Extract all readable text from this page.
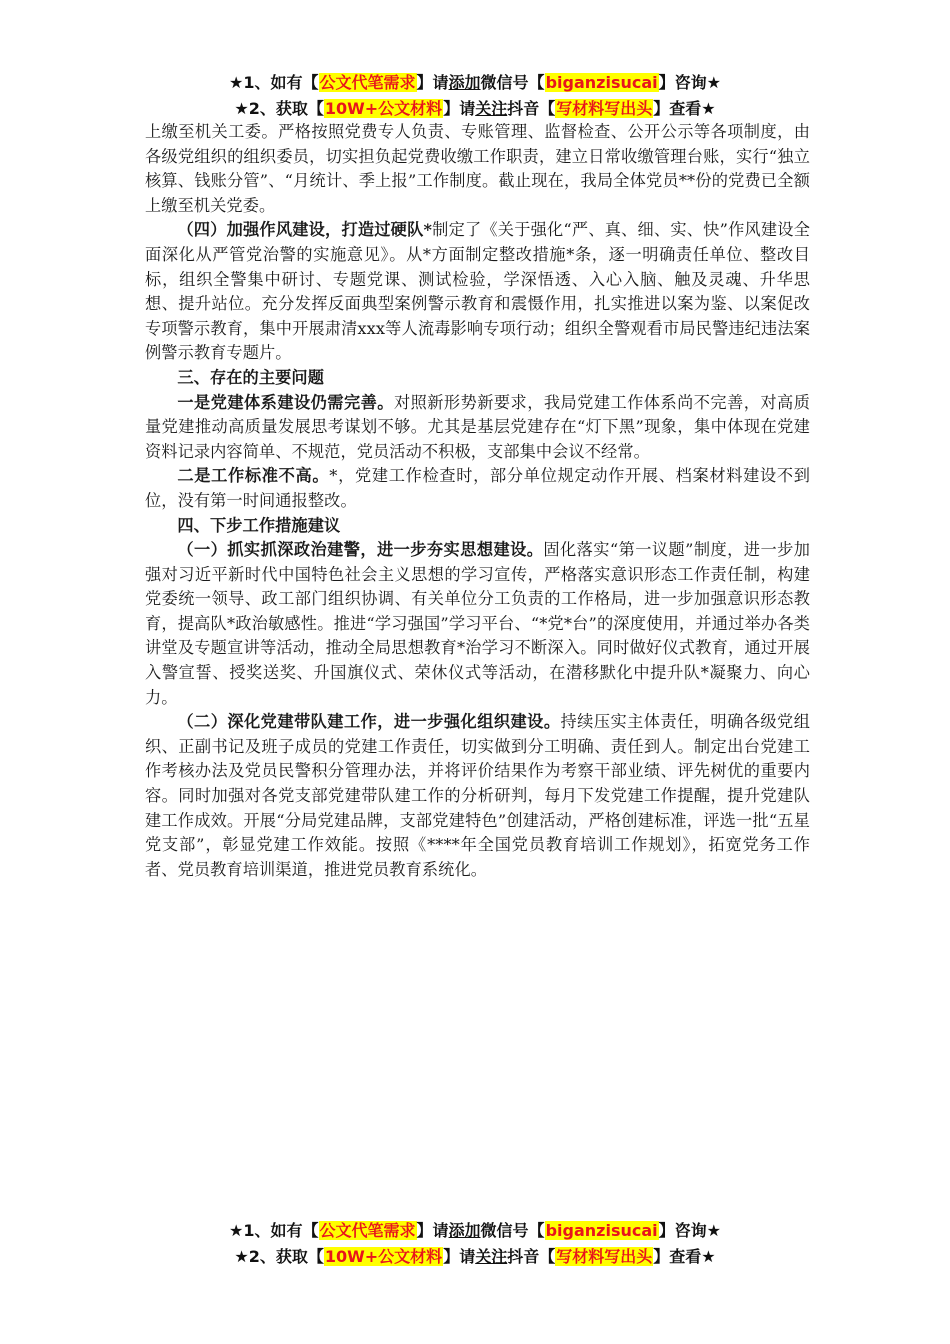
★1、如有【公文代笔需求】请添加微信号【biganzisucai】咨询★
★2、获取【10W+公文材料】请关注抖音【写材料写出头】查看★

上缴至机关工委。严格按照党费专人负责、专账管理、监督检查、公开公示等各项制度，由各级党组织的组织委员，切实担负起党费收缴工作职责，建立日常收缴管理台账，实行“独立核算、钱账分管”、“月统计、季上报”工作制度。截止现在，我局全体党员**份的党费已全额上缴至机关党委。

（四）加强作风建设，打造过硬队*制定了《关于强化“严、真、细、实、快”作风建设全面深化从严管党治警的实施意见》。从*方面制定整改措施*条，逐一明确责任单位、整改目标，组织全警集中研讨、专题党课、测试检验，学深悟透、入心入脑、触及灵魂、升华思想、提升站位。充分发挥反面典型案例警示教育和震慑作用，扎实推进以案为鉴、以案促改专项警示教育，集中开展肃清xxx等人流毒影响专项行动；组织全警观看市局民警违纪违法案例警示教育专题片。

三、存在的主要问题

一是党建体系建设仍需完善。对照新形势新要求，我局党建工作体系尚不完善，对高质量党建推动高质量发展思考谋划不够。尤其是基层党建存在“灯下黑”现象，集中体现在党建资料记录内容简单、不规范，党员活动不积极，支部集中会议不经常。

二是工作标准不高。*，党建工作检查时，部分单位规定动作开展、档案材料建设不到位，没有第一时间通报整改。

四、下步工作措施建议

（一）抓实抓深政治建警，进一步夯实思想建设。固化落实“第一议题”制度，进一步加强对习近平新时代中国特色社会主义思想的学习宣传，严格落实意识形态工作责任制，构建党委统一领导、政工部门组织协调、有关单位分工负责的工作格局，进一步加强意识形态教育，提高队*政治敏感性。推进“学习强国”学习平台、“*党*台”的深度使用，并通过举办各类讲堂及专题宣讲等活动，推动全局思想教育*治学习不断深入。同时做好仪式教育，通过开展入警宣誓、授奖送奖、升国旗仪式、荣休仪式等活动，在潜移默化中提升队*凝聚力、向心力。

（二）深化党建带队建工作，进一步强化组织建设。持续压实主体责任，明确各级党组织、正副书记及班子成员的党建工作责任，切实做到分工明确、责任到人。制定出台党建工作考核办法及党员民警积分管理办法，并将评价结果作为考察干部业绩、评先树优的重要内容。同时加强对各党支部党建带队建工作的分析研判，每月下发党建工作提醒，提升党建队建工作成效。开展“分局党建品牌，支部党建特色”创建活动，严格创建标准，评选一批“五星党支部”，彰显党建工作效能。按照《****年全国党员教育培训工作规划》，拓宽党务工作者、党员教育培训渠道，推进党员教育系统化。

★1、如有【公文代笔需求】请添加微信号【biganzisucai】咨询★
★2、获取【10W+公文材料】请关注抖音【写材料写出头】查看★
